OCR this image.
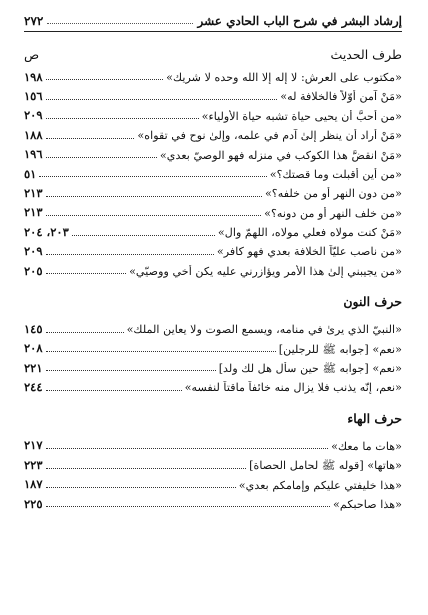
إرشاد البشر في شرح الباب الحادي عشر
٢٧٢
طرف الحديث
ص
«مكتوب على العرش: لا إله إلا الله وحده لا شريك»
١٩٨
«مَنْ آمن أوّلاً فالخلافة له»
١٥٦
«من أحبَّ أن يحيى حياة تشبه حياة الأولياء»
٢٠٩
«مَنْ أراد أن ينظر إلىٰ آدم في علمه، وإلىٰ نوح في تقواه»
١٨٨
«مَنْ انقضَّ هذا الكوكب في منزله فهو الوصيّ بعدي»
١٩٦
«من أين أقبلت وما قصتك؟»
٥١
«من دون النهر أو من خلفه؟»
٢١٣
«من خلف النهر أو من دونه؟»
٢١٣
«مَنْ كنت مولاه فعلي مولاه، اللهمّ وال»
٢٠٣، ٢٠٤
«من ناصب عليّاً الخلافة بعدي فهو كافر»
٢٠٩
«من يجيبني إلىٰ هذا الأمر ويؤازرني عليه يكن أخي ووصيّي»
٢٠٥
حرف النون
«النبيّ الذي يرىٰ في منامه، ويسمع الصوت ولا يعاين الملك»
١٤٥
«نعم» [جوابه ﷺ للرجلين]
٢٠٨
«نعم» [جوابه ﷺ حين سأل هل لك ولد]
٢٢١
«نعم، إنّه يذنب فلا يزال منه خائفاً ماقتاً لنفسه»
٢٤٤
حرف الهاء
«هات ما معك»
٢١٧
«هاتها» [قوله ﷺ لحامل الحصاة]
٢٢٣
«هذا خليفتي عليكم وإمامكم بعدي»
١٨٧
«هذا صاحبكم»
٢٢٥
